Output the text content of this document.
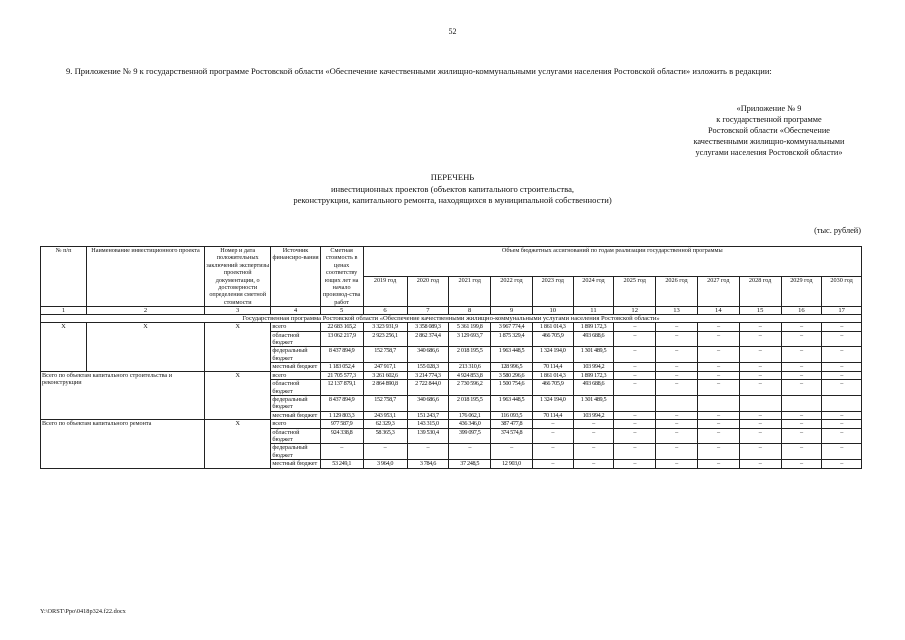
52
9. Приложение № 9 к государственной программе Ростовской области «Обеспечение качественными жилищно-коммунальными услугами населения Ростовской области» изложить в редакции:
«Приложение № 9
к государственной программе
Ростовской области «Обеспечение
качественными жилищно-коммунальными
услугами населения Ростовской области»
ПЕРЕЧЕНЬ
инвестиционных проектов (объектов капитального строительства,
реконструкции, капитального ремонта, находящихся в муниципальной собственности)
(тыс. рублей)
№ п/п	Наименование инвестиционного проекта	Номер и дата положительных заключений экспертизы проектной документации, о достоверности определения сметной стоимости	Источник финансиро-вания	Сметная стоимость в ценах соответству ющих лет на начало производ-ства работ	Объем бюджетных ассигнований по годам реализации государственной программы											
					2019 год	2020 год	2021 год	2022 год	2023 год	2024 год	2025 год	2026 год	2027 год	2028 год	2029 год	2030 год
1	2	3	4	5	6	7	8	9	10	11	12	13	14	15	16	17
Государственная программа Ростовской области «Обеспечение качественными жилищно-коммунальными услугами населения Ростовской области»																
Х	Х	Х	всего	22 683 165,2	3 323 931,9	3 358 089,3	5 361 199,8	3 967 774,4	1 861 014,3	1 899 172,3	–	–	–	–	–	–
			областной бюджет	13 062 217,9	2 923 256,1	2 862 374,4	3 129 693,7	1 875 329,4	466 705,9	493 688,6	–	–	–	–	–	–
			федеральный бюджет	8 437 894,9	152 758,7	340 686,6	2 018 195,5	1 963 448,5	1 324 194,0	1 301 489,5	–	–	–	–	–	–
			местный бюджет	1 183 052,4	247 917,1	155 028,3	213 310,6	128 996,5	70 114,4	103 994,2	–	–	–	–	–	–
Всего по объектам капитального строительства и реконструкции		Х	всего	21 705 577,3	3 261 602,6	3 214 774,3	4 924 853,8	3 580 296,6	1 861 014,3	1 899 172,3	–	–	–	–	–	–
			областной бюджет	12 137 879,1	2 864 890,8	2 722 844,0	2 730 596,2	1 500 754,6	466 705,9	493 688,6	–	–	–	–	–	–
			федеральный бюджет	8 437 894,9	152 758,7	340 686,6	2 018 195,5	1 963 448,5	1 324 194,0	1 301 489,5						
			местный бюджет	1 129 803,3	243 953,1	151 243,7	176 062,1	116 093,5	70 114,4	103 994,2	–	–	–	–	–	–
Всего по объектам капитального ремонта		Х	всего	977 587,9	62 329,3	143 315,0	436 346,0	387 477,8	–	–	–	–	–	–	–	–
			областной бюджет	924 338,8	58 365,3	139 530,4	399 097,5	374 574,8	–	–	–	–	–	–	–	–
			федеральный бюджет	–	–	–	–	–	–	–	–	–	–	–	–	–
			местный бюджет	53 249,1	3 964,0	3 784,6	37 248,5	12 903,0	–	–	–	–	–	–	–	–
Y:\ORST\Ppo\0418p324.f22.docx
